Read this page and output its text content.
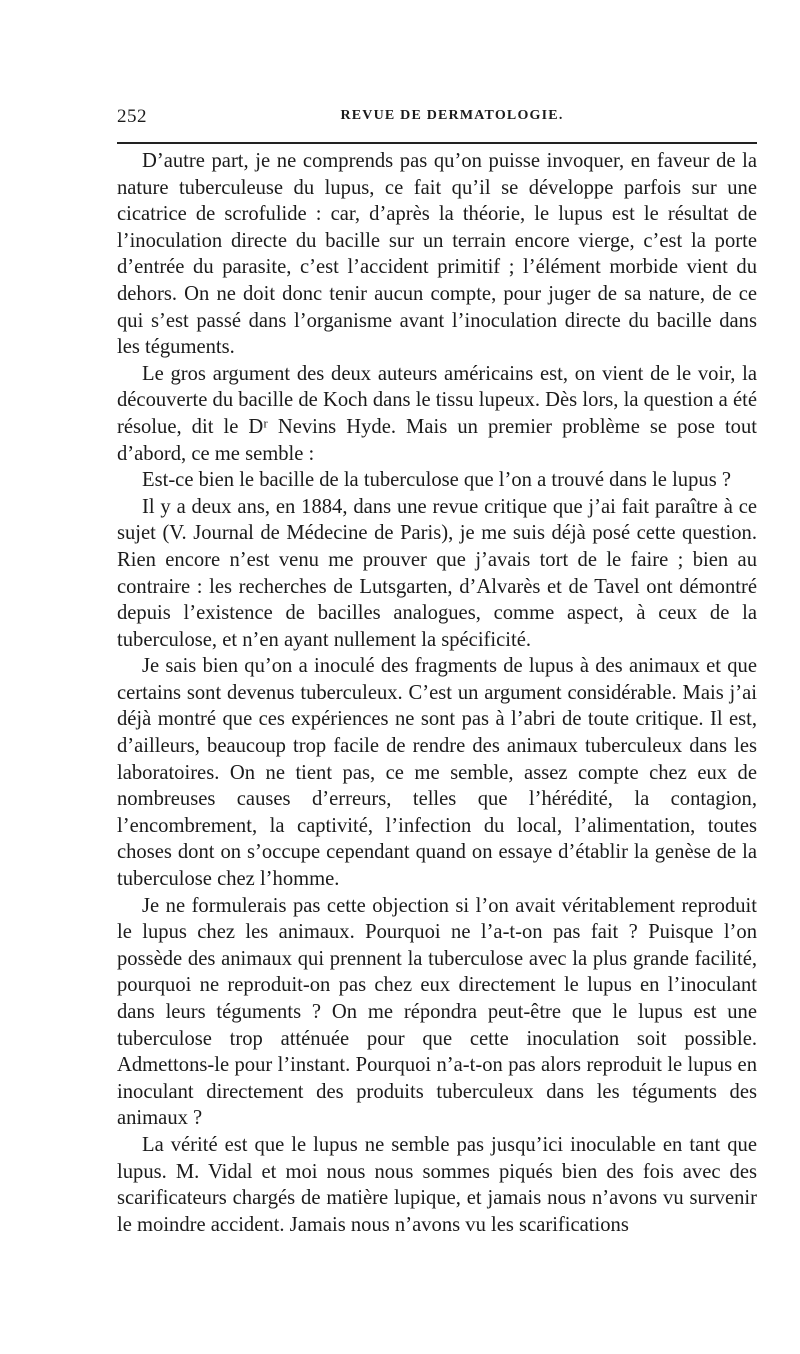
252	REVUE DE DERMATOLOGIE.

D’autre part, je ne comprends pas qu’on puisse invoquer, en faveur de la nature tuberculeuse du lupus, ce fait qu’il se développe parfois sur une cicatrice de scrofulide : car, d’après la théorie, le lupus est le résultat de l’inoculation directe du bacille sur un terrain encore vierge, c’est la porte d’entrée du parasite, c’est l’accident primitif ; l’élément morbide vient du dehors. On ne doit donc tenir aucun compte, pour juger de sa nature, de ce qui s’est passé dans l’organisme avant l’inoculation directe du bacille dans les téguments.

Le gros argument des deux auteurs américains est, on vient de le voir, la découverte du bacille de Koch dans le tissu lupeux. Dès lors, la question a été résolue, dit le Dʳ Nevins Hyde. Mais un premier problème se pose tout d’abord, ce me semble :

Est-ce bien le bacille de la tuberculose que l’on a trouvé dans le lupus ?

Il y a deux ans, en 1884, dans une revue critique que j’ai fait paraître à ce sujet (V. Journal de Médecine de Paris), je me suis déjà posé cette question. Rien encore n’est venu me prouver que j’avais tort de le faire ; bien au contraire : les recherches de Lutsgarten, d’Alvarès et de Tavel ont démontré depuis l’existence de bacilles analogues, comme aspect, à ceux de la tuberculose, et n’en ayant nullement la spécificité.

Je sais bien qu’on a inoculé des fragments de lupus à des animaux et que certains sont devenus tuberculeux. C’est un argument considérable. Mais j’ai déjà montré que ces expériences ne sont pas à l’abri de toute critique. Il est, d’ailleurs, beaucoup trop facile de rendre des animaux tuberculeux dans les laboratoires. On ne tient pas, ce me semble, assez compte chez eux de nombreuses causes d’erreurs, telles que l’hérédité, la contagion, l’encombrement, la captivité, l’infection du local, l’alimentation, toutes choses dont on s’occupe cependant quand on essaye d’établir la genèse de la tuberculose chez l’homme.

Je ne formulerais pas cette objection si l’on avait véritablement reproduit le lupus chez les animaux. Pourquoi ne l’a-t-on pas fait ? Puisque l’on possède des animaux qui prennent la tuberculose avec la plus grande facilité, pourquoi ne reproduit-on pas chez eux directement le lupus en l’inoculant dans leurs téguments ? On me répondra peut-être que le lupus est une tuberculose trop atténuée pour que cette inoculation soit possible. Admettons-le pour l’instant. Pourquoi n’a-t-on pas alors reproduit le lupus en inoculant directement des produits tuberculeux dans les téguments des animaux ?

La vérité est que le lupus ne semble pas jusqu’ici inoculable en tant que lupus. M. Vidal et moi nous nous sommes piqués bien des fois avec des scarificateurs chargés de matière lupique, et jamais nous n’avons vu survenir le moindre accident. Jamais nous n’avons vu les scarifications
